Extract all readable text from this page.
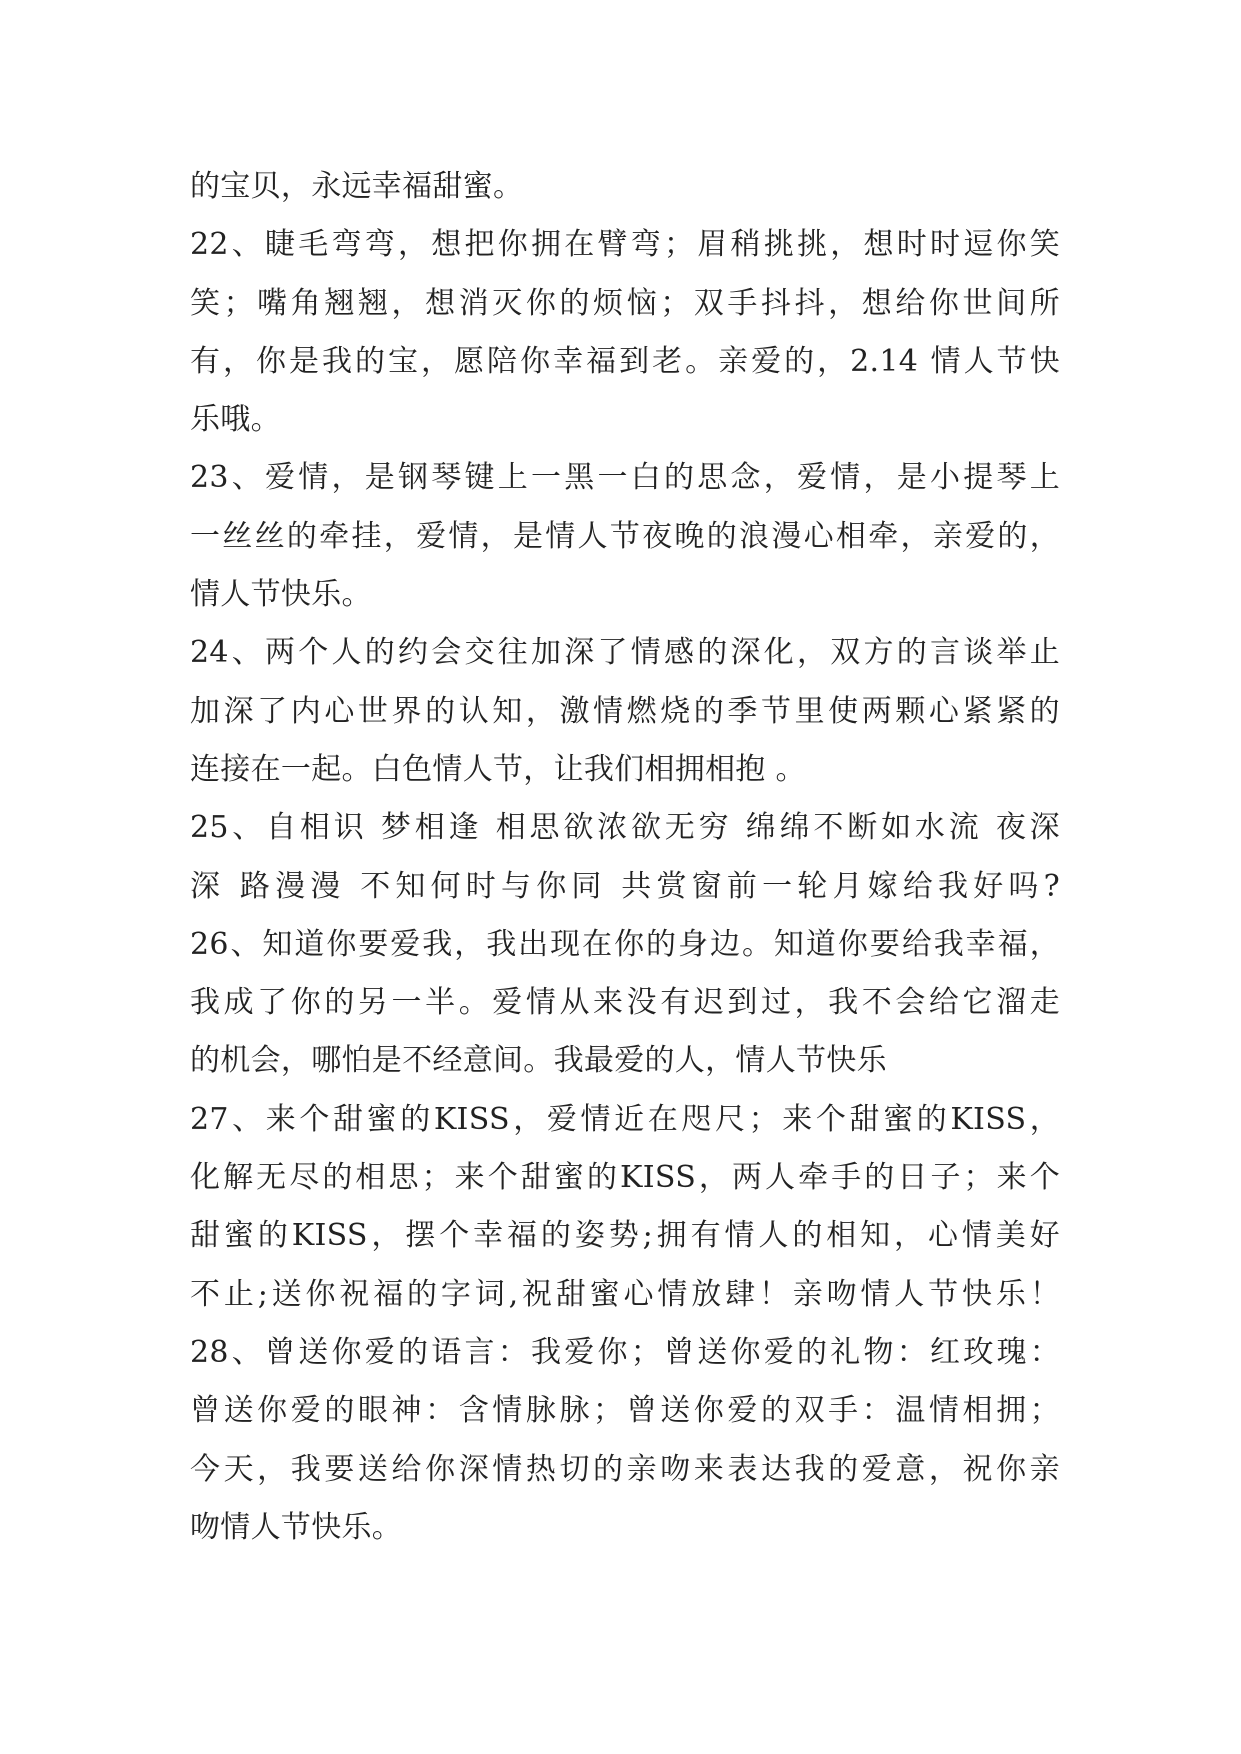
的宝贝，永远幸福甜蜜。
22、睫毛弯弯，想把你拥在臂弯；眉稍挑挑，想时时逗你笑
笑；嘴角翘翘，想消灭你的烦恼；双手抖抖，想给你世间所
有，你是我的宝，愿陪你幸福到老。亲爱的，2.14 情人节快
乐哦。
23、爱情，是钢琴键上一黑一白的思念，爱情，是小提琴上
一丝丝的牵挂，爱情，是情人节夜晚的浪漫心相牵，亲爱的，
情人节快乐。
24、两个人的约会交往加深了情感的深化，双方的言谈举止
加深了内心世界的认知，激情燃烧的季节里使两颗心紧紧的
连接在一起。白色情人节，让我们相拥相抱 。
25、自相识 梦相逢 相思欲浓欲无穷 绵绵不断如水流 夜深
深 路漫漫 不知何时与你同 共赏窗前一轮月嫁给我好吗?
26、知道你要爱我，我出现在你的身边。知道你要给我幸福，
我成了你的另一半。爱情从来没有迟到过，我不会给它溜走
的机会，哪怕是不经意间。我最爱的人，情人节快乐
27、来个甜蜜的KISS，爱情近在咫尺；来个甜蜜的KISS，
化解无尽的相思；来个甜蜜的KISS，两人牵手的日子；来个
甜蜜的KISS，摆个幸福的姿势;拥有情人的相知，心情美好
不止;送你祝福的字词,祝甜蜜心情放肆！亲吻情人节快乐！
28、曾送你爱的语言：我爱你；曾送你爱的礼物：红玫瑰：
曾送你爱的眼神：含情脉脉；曾送你爱的双手：温情相拥；
今天，我要送给你深情热切的亲吻来表达我的爱意，祝你亲
吻情人节快乐。
